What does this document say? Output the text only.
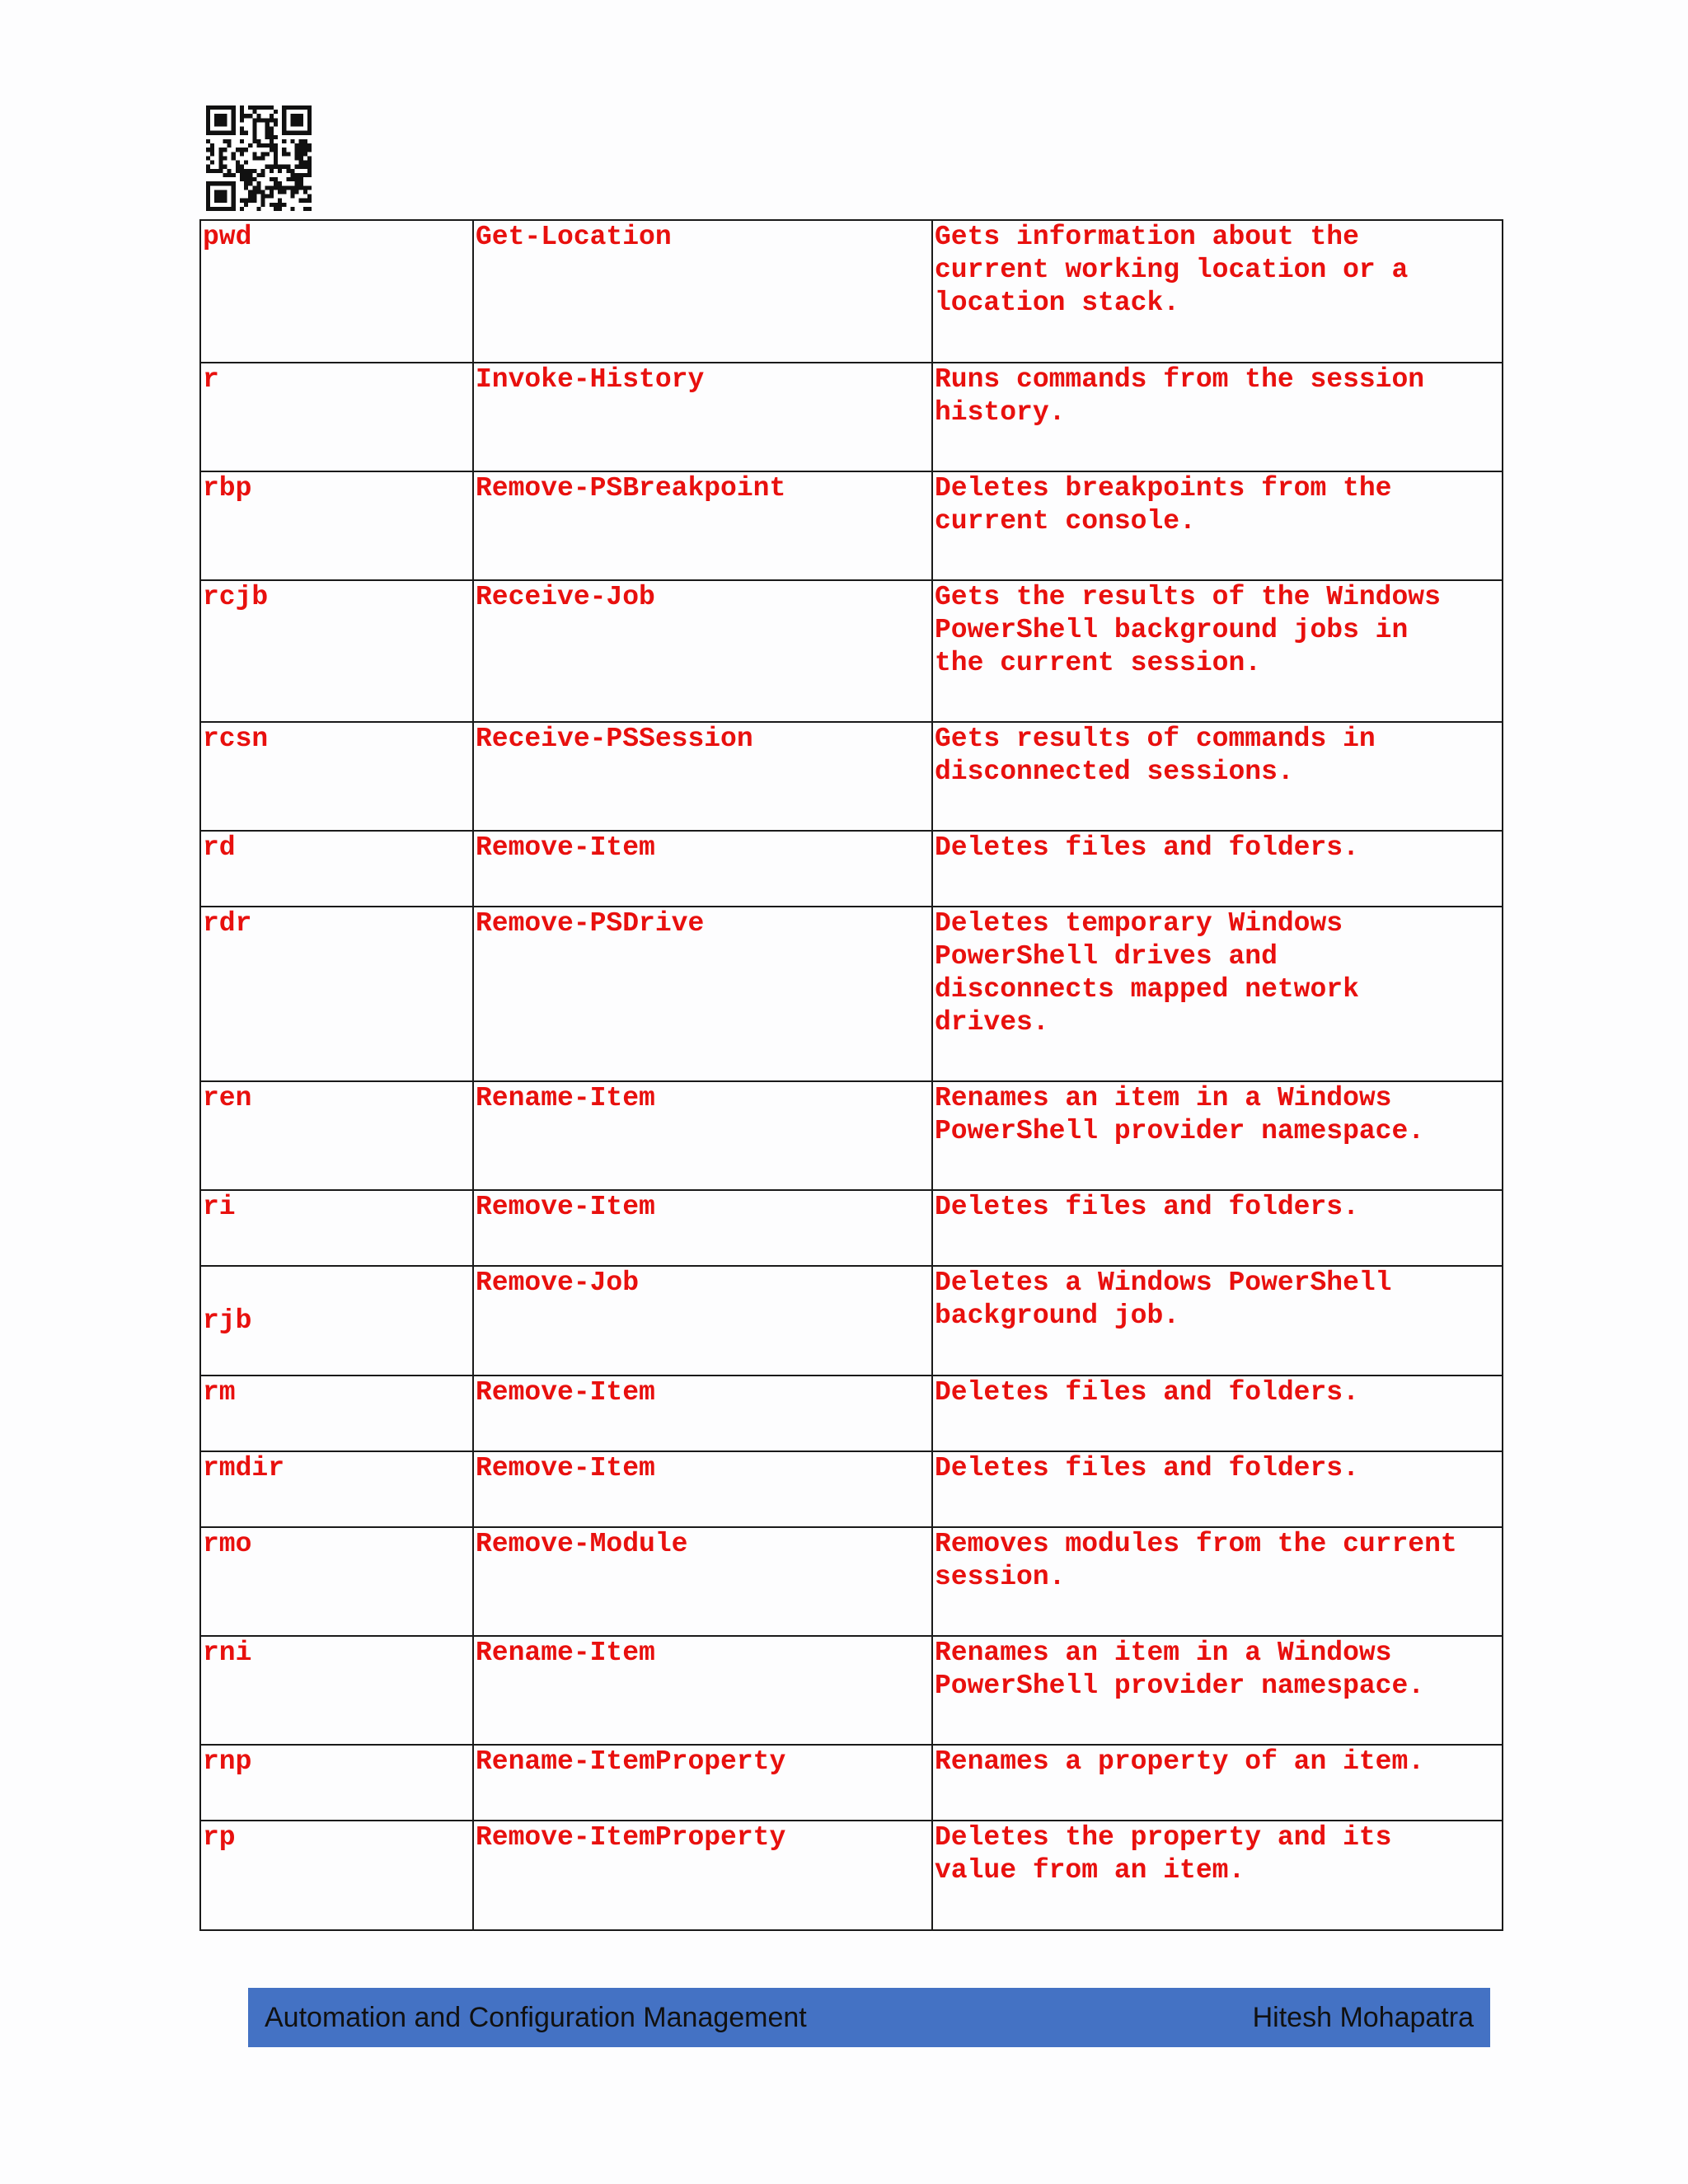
pwd	Get-Location	Gets information about the
current working location or a
location stack.
r	Invoke-History	Runs commands from the session
history.
rbp	Remove-PSBreakpoint	Deletes breakpoints from the
current console.
rcjb	Receive-Job	Gets the results of the Windows
PowerShell background jobs in
the current session.
rcsn	Receive-PSSession	Gets results of commands in
disconnected sessions.
rd	Remove-Item	Deletes files and folders.
rdr	Remove-PSDrive	Deletes temporary Windows
PowerShell drives and
disconnects mapped network
drives.
ren	Rename-Item	Renames an item in a Windows
PowerShell provider namespace.
ri	Remove-Item	Deletes files and folders.
rjb	Remove-Job	Deletes a Windows PowerShell
background job.
rm	Remove-Item	Deletes files and folders.
rmdir	Remove-Item	Deletes files and folders.
rmo	Remove-Module	Removes modules from the current
session.
rni	Rename-Item	Renames an item in a Windows
PowerShell provider namespace.
rnp	Rename-ItemProperty	Renames a property of an item.
rp	Remove-ItemProperty	Deletes the property and its
value from an item.
Automation and Configuration Management	Hitesh Mohapatra
